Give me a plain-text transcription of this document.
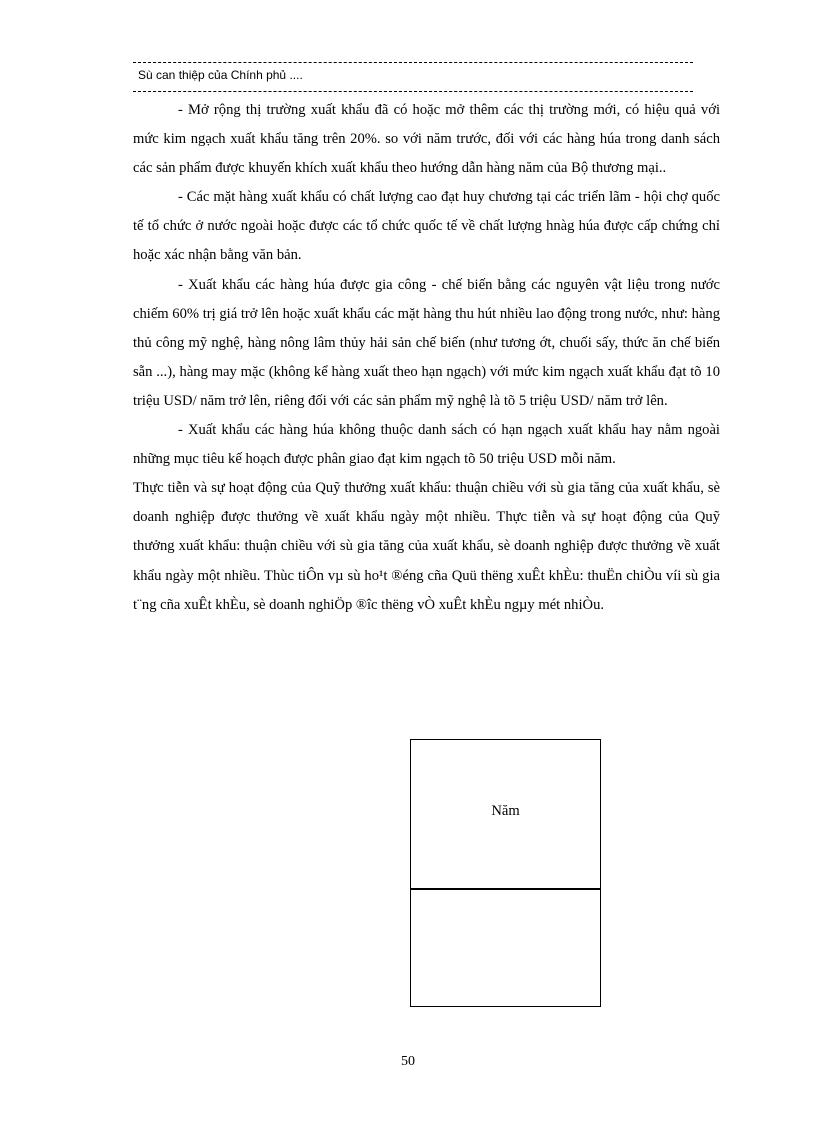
Sù can thiệp của Chính phủ ....

- Mở rộng thị trường xuất khẩu đã có hoặc mở thêm các thị trường mới, có hiệu quả với mức kim ngạch xuất khẩu tăng trên 20%. so với năm trước, đối với các hàng húa trong danh sách các sản phẩm được khuyến khích xuất khẩu theo hướng dẫn hàng năm của Bộ thương mại..

- Các mặt hàng xuất khẩu có chất lượng cao đạt huy chương tại các triển lãm - hội chợ quốc tế tổ chức ở nước ngoài hoặc được các tổ chức quốc tế về chất lượng hnàg húa được cấp chứng chỉ hoặc xác nhận bằng văn bản.

- Xuất khẩu các hàng húa được gia công - chế biến bằng các nguyên vật liệu trong nước chiếm 60% trị giá trở lên hoặc xuất khẩu các mặt hàng thu hút nhiều lao động trong nước, như: hàng thủ công mỹ nghệ, hàng nông lâm thủy hải sản chế biến (như tương ớt, chuối sấy, thức ăn chế biến sẵn ...), hàng may mặc (không kể hàng xuất theo hạn ngạch) với mức kim ngạch xuất khẩu đạt tõ 10 triệu USD/ năm trở lên, riêng đối với các sản phẩm mỹ nghệ là tõ 5 triệu USD/ năm trở lên.

- Xuất khẩu các hàng húa không thuộc danh sách có hạn ngạch xuất khẩu hay nằm ngoài những mục tiêu kế hoạch được phân giao đạt kim ngạch tõ 50 triệu USD mỗi năm.

Thực tiễn và sự hoạt động của Quỹ thưởng xuất khẩu: thuận chiều với sù gia tăng của xuất khẩu, sè doanh nghiệp được thưởng về xuất khẩu ngày một nhiều. Thực tiễn và sự hoạt động của Quỹ thưởng xuất khẩu: thuận chiều với sù gia tăng của xuất khẩu, sè doanh nghiệp được thưởng về xuất khẩu ngày một nhiều. Thùc tiÔn vµ sù ho¹t ®éng cña Quü thëng xuÊt khÈu: thuËn chiÒu víi sù gia t¨ng cña xuÊt khÈu, sè doanh nghiÖp ®îc thëng vÒ xuÊt khÈu ngµy mét nhiÒu.

Năm
50
